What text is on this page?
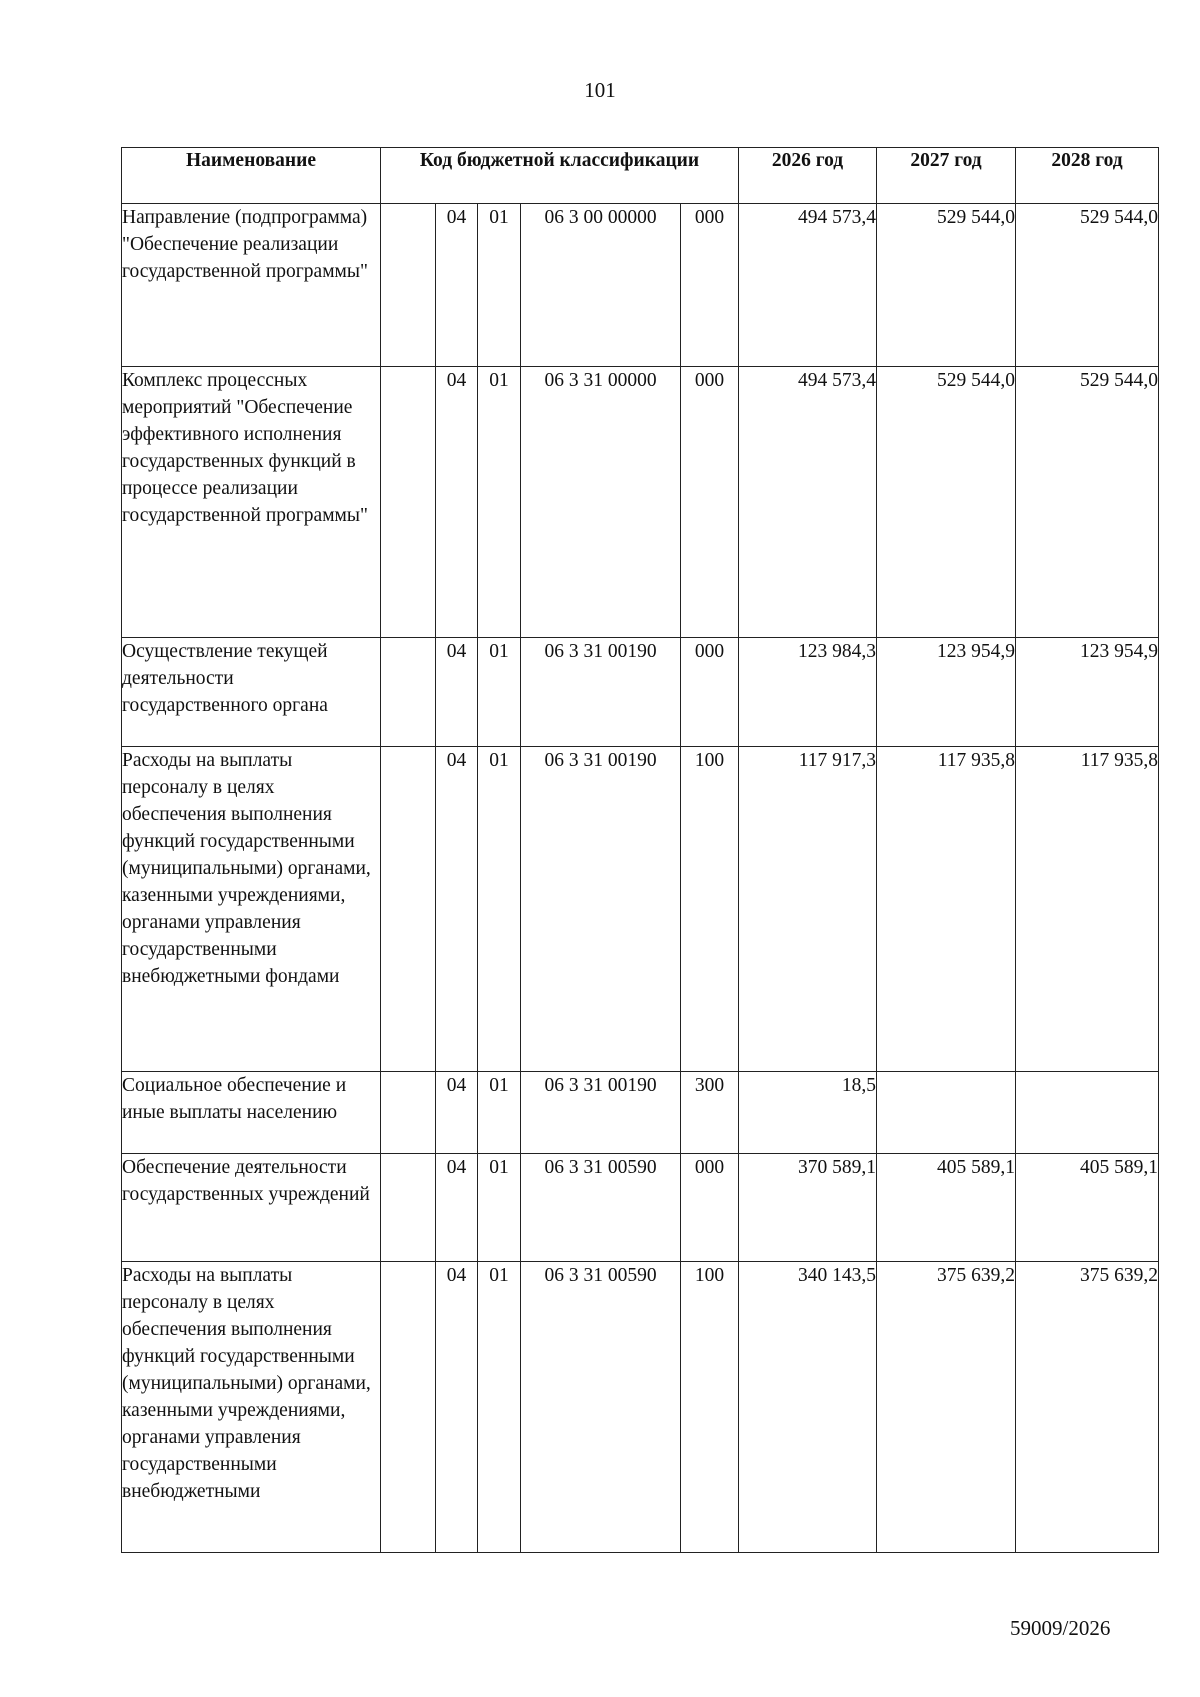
101
Наименование	Код бюджетной классификации					2026 год	2027 год	2028 год
Направление (подпрограмма) "Обеспечение реализации государственной программы"		04	01	06 3 00 00000	000	494 573,4	529 544,0	529 544,0
Комплекс процессных мероприятий "Обеспечение эффективного исполнения государственных функций в процессе реализации государственной программы"		04	01	06 3 31 00000	000	494 573,4	529 544,0	529 544,0
Осуществление текущей деятельности государственного органа		04	01	06 3 31 00190	000	123 984,3	123 954,9	123 954,9
Расходы на выплаты персоналу в целях обеспечения выполнения функций государственными (муниципальными) органами, казенными учреждениями, органами управления государственными внебюджетными фондами		04	01	06 3 31 00190	100	117 917,3	117 935,8	117 935,8
Социальное обеспечение и иные выплаты населению		04	01	06 3 31 00190	300	18,5		
Обеспечение деятельности государственных учреждений		04	01	06 3 31 00590	000	370 589,1	405 589,1	405 589,1
Расходы на выплаты персоналу в целях обеспечения выполнения функций государственными (муниципальными) органами, казенными учреждениями, органами управления государственными внебюджетными		04	01	06 3 31 00590	100	340 143,5	375 639,2	375 639,2
59009/2026
